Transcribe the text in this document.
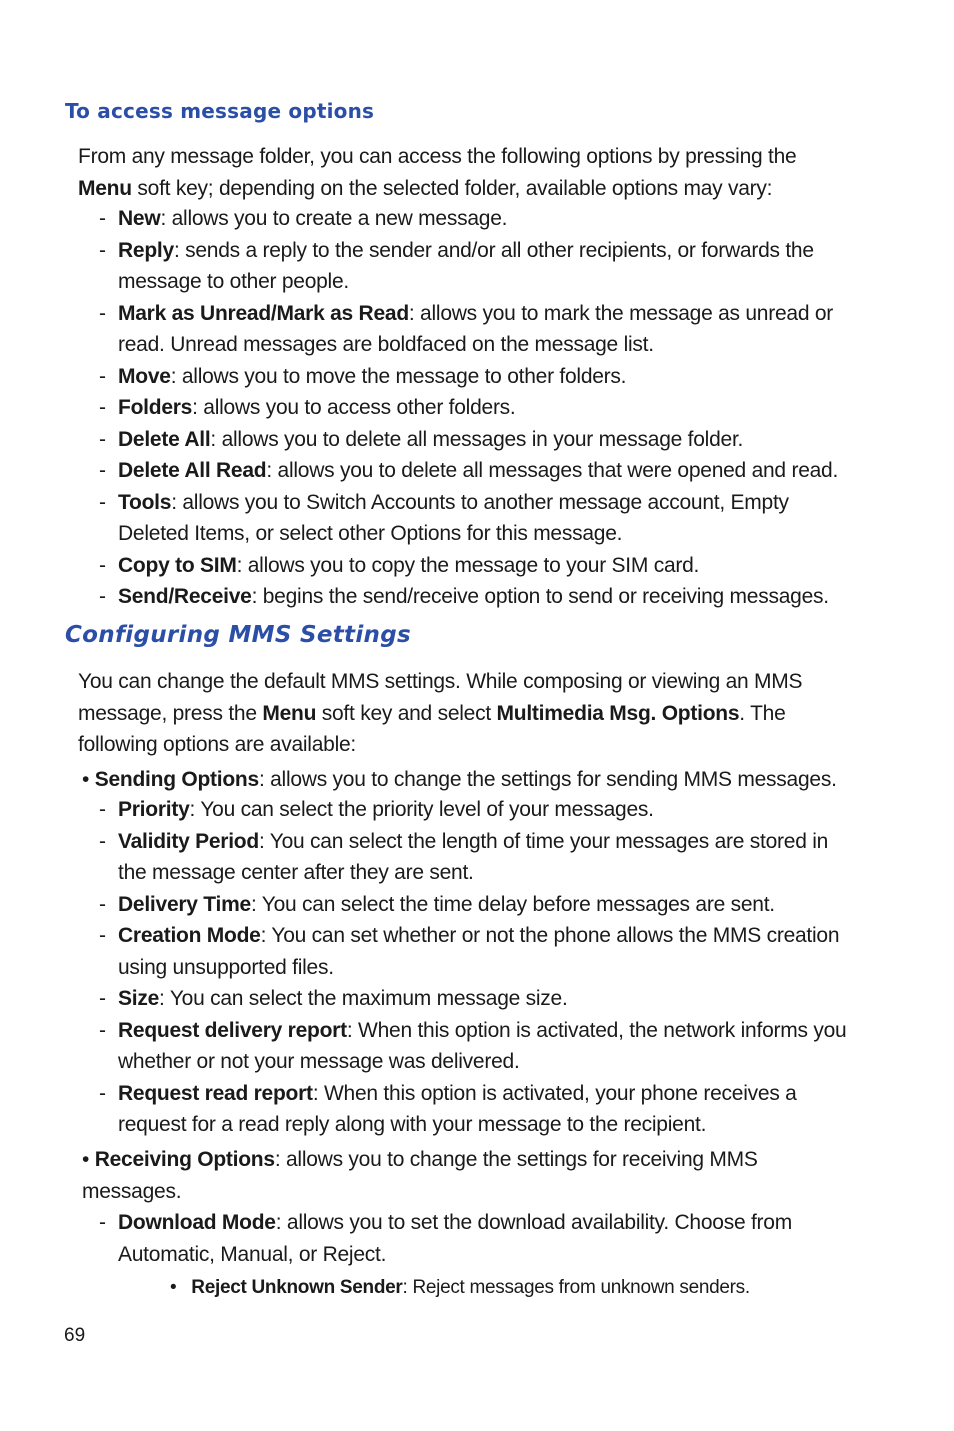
To access message options

From any message folder, you can access the following options by pressing the
Menu soft key; depending on the selected folder, available options may vary:

- New: allows you to create a new message.
- Reply: sends a reply to the sender and/or all other recipients, or forwards the message to other people.
- Mark as Unread/Mark as Read: allows you to mark the message as unread or read. Unread messages are boldfaced on the message list.
- Move: allows you to move the message to other folders.
- Folders: allows you to access other folders.
- Delete All: allows you to delete all messages in your message folder.
- Delete All Read: allows you to delete all messages that were opened and read.
- Tools: allows you to Switch Accounts to another message account, Empty Deleted Items, or select other Options for this message.
- Copy to SIM: allows you to copy the message to your SIM card.
- Send/Receive: begins the send/receive option to send or receiving messages.
Configuring MMS Settings

You can change the default MMS settings. While composing or viewing an MMS message, press the Menu soft key and select Multimedia Msg. Options. The following options are available:

• Sending Options: allows you to change the settings for sending MMS messages.

- Priority: You can select the priority level of your messages.
- Validity Period: You can select the length of time your messages are stored in the message center after they are sent.
- Delivery Time: You can select the time delay before messages are sent.
- Creation Mode: You can set whether or not the phone allows the MMS creation using unsupported files.
- Size: You can select the maximum message size.
- Request delivery report: When this option is activated, the network informs you whether or not your message was delivered.
- Request read report: When this option is activated, your phone receives a request for a read reply along with your message to the recipient.

• Receiving Options: allows you to change the settings for receiving MMS messages.

- Download Mode: allows you to set the download availability. Choose from Automatic, Manual, or Reject.

• Reject Unknown Sender: Reject messages from unknown senders.

69
